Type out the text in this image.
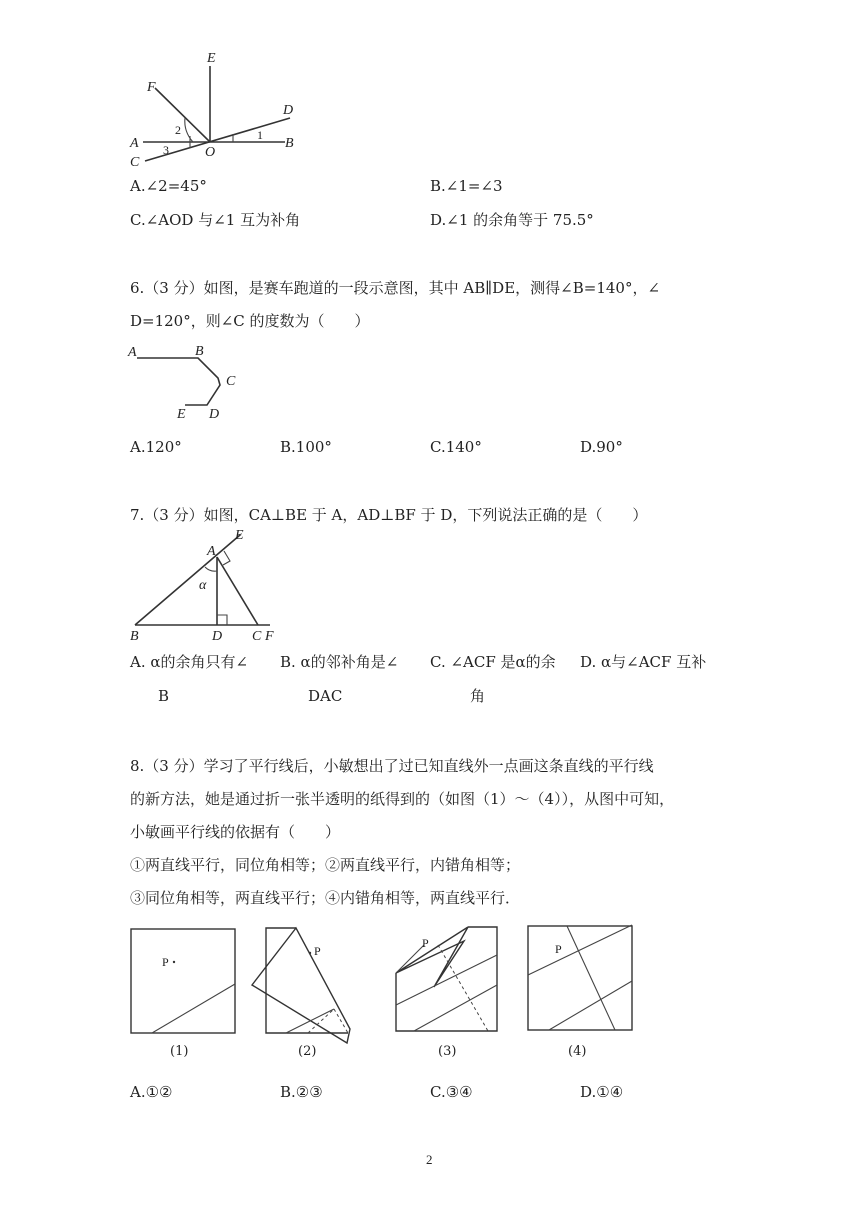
E
F
D
A	B
C
O
1
2
3
A.∠2=45°	B.∠1=∠3
C.∠AOD 与∠1 互为补角	D.∠1 的余角等于 75.5°
6.（3 分）如图，是赛车跑道的一段示意图，其中 AB∥DE，测得∠B=140°，∠
D=120°，则∠C 的度数为（　　）
A	B
C
D
E
A.120°	B.100°	C.140°	D.90°
7.（3 分）如图，CA⊥BE 于 A，AD⊥BF 于 D，下列说法正确的是（　　）
A
E
α
B	D C F
A. α的余角只有∠
B
B. α的邻补角是∠
DAC
C. ∠ACF 是α的余
角
D. α与∠ACF 互补
8.（3 分）学习了平行线后，小敏想出了过已知直线外一点画这条直线的平行线
的新方法，她是通过折一张半透明的纸得到的（如图（1）～（4）），从图中可知，
小敏画平行线的依据有（　　）
①两直线平行，同位角相等；②两直线平行，内错角相等；
③同位角相等，两直线平行；④内错角相等，两直线平行．
P
(1)
P
(2)
P
(3)
P
(4)
A.①②	B.②③	C.③④	D.①④
2
